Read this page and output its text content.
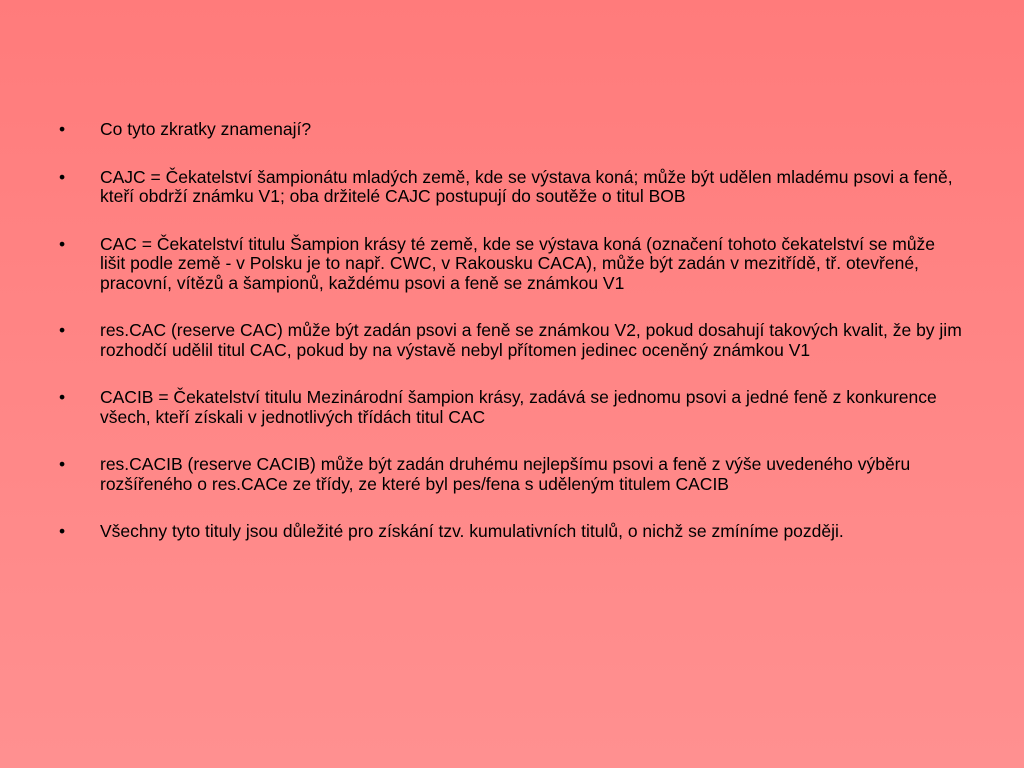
•	Co tyto zkratky znamenají?
•	CAJC = Čekatelství šampionátu mladých země, kde se výstava koná; může být udělen mladému psovi a feně, kteří obdrží známku V1; oba držitelé CAJC postupují do soutěže o titul BOB
•	CAC = Čekatelství titulu Šampion krásy té země, kde se výstava koná (označení tohoto čekatelství se může lišit podle země - v Polsku je to např. CWC, v Rakousku CACA), může být zadán v mezitřídě, tř. otevřené, pracovní, vítězů a šampionů, každému psovi a feně se známkou V1
•	res.CAC (reserve CAC) může být zadán psovi a feně se známkou V2, pokud dosahují takových kvalit, že by jim rozhodčí udělil titul CAC, pokud by na výstavě nebyl přítomen jedinec oceněný známkou V1
•	CACIB = Čekatelství titulu Mezinárodní šampion krásy, zadává se jednomu psovi a jedné feně z konkurence všech, kteří získali v jednotlivých třídách titul CAC
•	res.CACIB (reserve CACIB) může být zadán druhému nejlepšímu psovi a feně z výše uvedeného výběru rozšířeného o res.CACe ze třídy, ze které byl pes/fena s uděleným titulem CACIB
•	Všechny tyto tituly jsou důležité pro získání tzv. kumulativních titulů, o nichž se zmíníme později.
